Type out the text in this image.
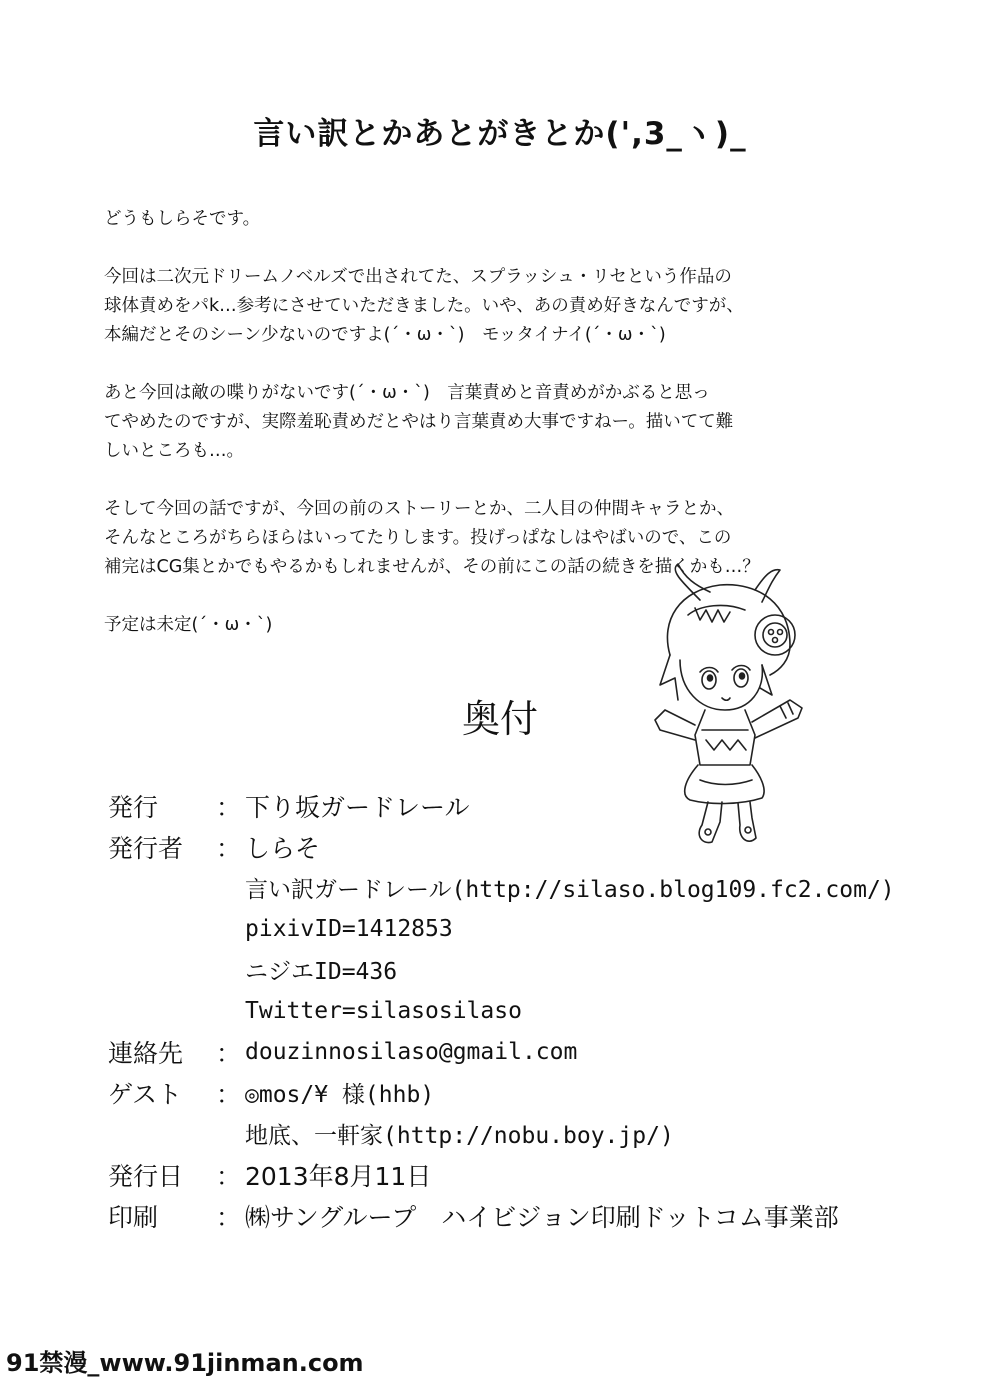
言い訳とかあとがきとか(',3_ヽ)_

どうもしらそです。

今回は二次元ドリームノベルズで出されてた、スプラッシュ・リセという作品の
球体責めをパk…参考にさせていただきました。いや、あの責め好きなんですが、
本編だとそのシーン少ないのですよ(´・ω・`)　モッタイナイ(´・ω・`)

あと今回は敵の喋りがないです(´・ω・`)　言葉責めと音責めがかぶると思っ
てやめたのですが、実際羞恥責めだとやはり言葉責め大事ですねー。描いてて難
しいところも…。

そして今回の話ですが、今回の前のストーリーとか、二人目の仲間キャラとか、
そんなところがちらほらはいってたりします。投げっぱなしはやばいので、この
補完はCG集とかでもやるかもしれませんが、その前にこの話の続きを描くかも…？

予定は未定(´・ω・`)

奥付
発行	： 下り坂ガードレール
発行者	： しらそ
言い訳ガードレール(http://silaso.blog109.fc2.com/)
pixivID=1412853
ニジエID=436
Twitter=silasosilaso
連絡先	： douzinnosilaso@gmail.com
ゲスト	： ◎mos/¥ 様(hhb)
地底、一軒家(http://nobu.boy.jp/)
発行日	： 2013年8月11日
印刷	： ㈱サングループ　ハイビジョン印刷ドットコム事業部
91禁漫_www.91jinman.com
